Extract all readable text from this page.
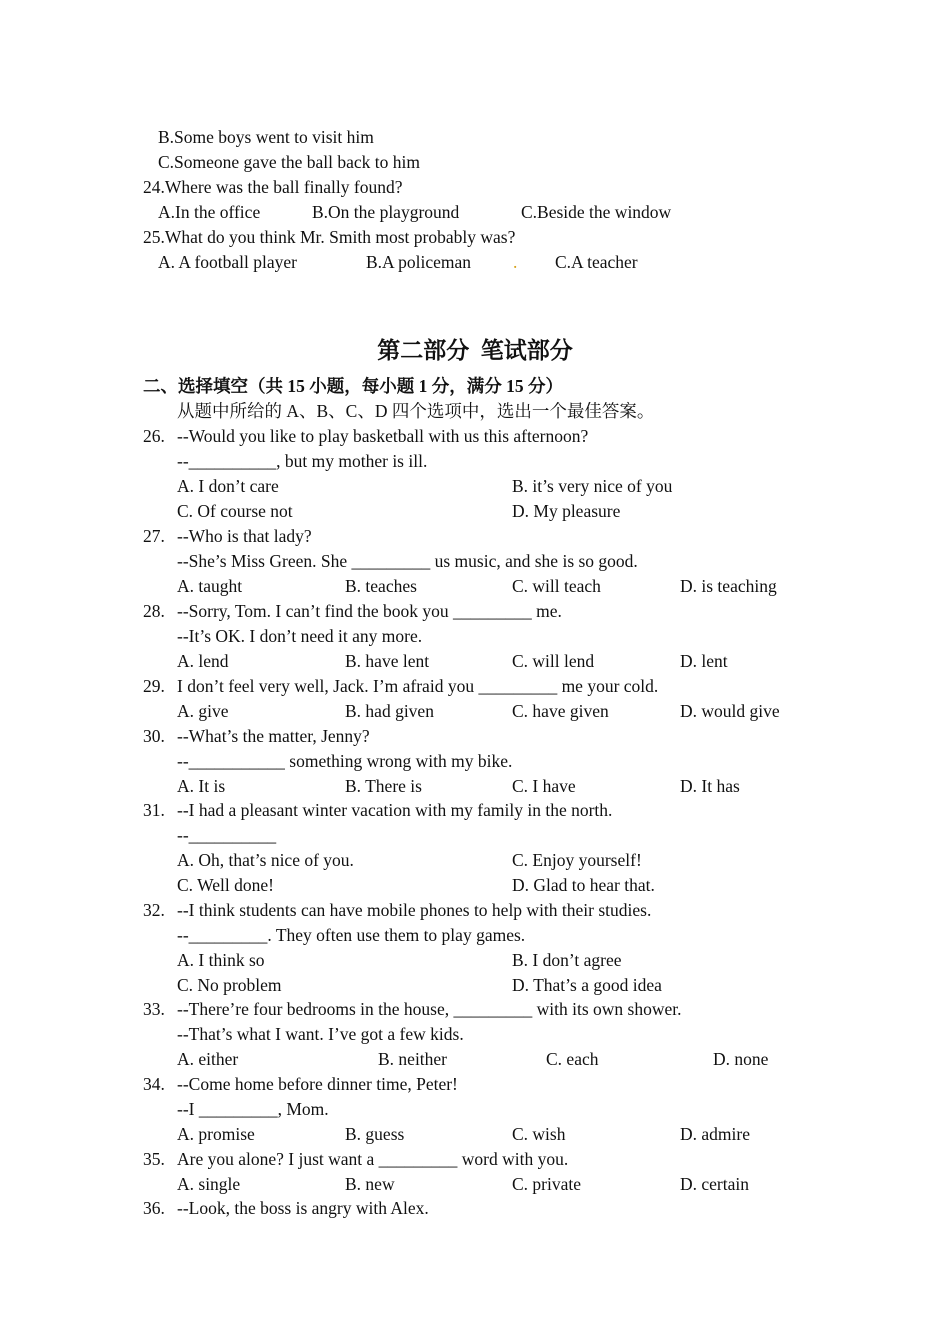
B.Some boys went to visit him
C.Someone gave the ball back to him
24.Where was the ball finally found?
A.In the office	B.On the playground	C.Beside the window
25.What do you think Mr. Smith most probably was?
A. A football player	B.A policeman . C.A teacher
第二部分  笔试部分
二、选择填空（共 15 小题，每小题 1 分，满分 15 分）
从题中所给的 A、B、C、D 四个选项中，选出一个最佳答案。
26. --Would you like to play basketball with us this afternoon?
--__________, but my mother is ill.
A. I don’t care	B. it’s very nice of you
C. Of course not	D. My pleasure
27. --Who is that lady?
--She’s Miss Green. She _________ us music, and she is so good.
A. taught	B. teaches	C. will teach	D. is teaching
28. --Sorry, Tom. I can’t find the book you _________ me.
--It’s OK. I don’t need it any more.
A. lend	B. have lent	C. will lend	D. lent
29. I don’t feel very well, Jack. I’m afraid you _________ me your cold.
A. give	B. had given	C. have given	D. would give
30. --What’s the matter, Jenny?
--___________ something wrong with my bike.
A. It is	B. There is	C. I have	D. It has
31. --I had a pleasant winter vacation with my family in the north.
--__________
A. Oh, that’s nice of you.	C. Enjoy yourself!
C. Well done!	D. Glad to hear that.
32. --I think students can have mobile phones to help with their studies.
--_________. They often use them to play games.
A. I think so	B. I don’t agree
C. No problem	D. That’s a good idea
33. --There’re four bedrooms in the house, _________ with its own shower.
--That’s what I want. I’ve got a few kids.
A. either	B. neither	C. each	D. none
34. --Come home before dinner time, Peter!
--I _________, Mom.
A. promise	B. guess	C. wish	D. admire
35. Are you alone? I just want a _________ word with you.
A. single	B. new	C. private	D. certain
36. --Look, the boss is angry with Alex.
